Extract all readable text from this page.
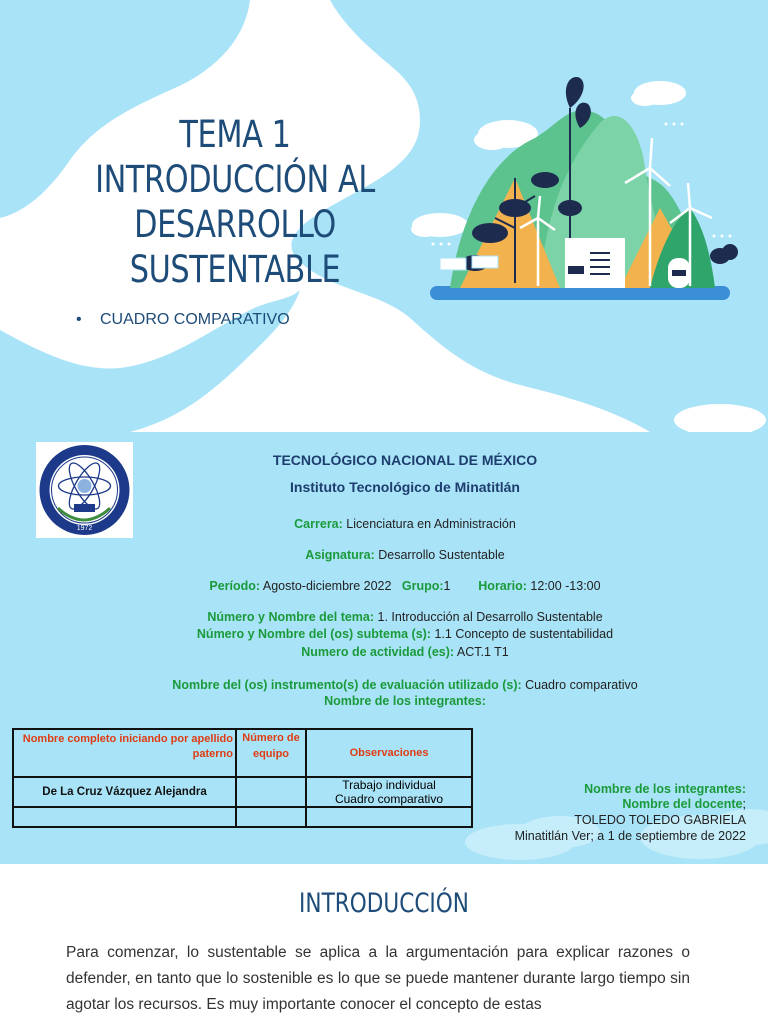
TEMA 1
INTRODUCCIÓN AL DESARROLLO
SUSTENTABLE
• CUADRO COMPARATIVO
1972
TECNOLÓGICO NACIONAL DE MÉXICO
Instituto Tecnológico de Minatitlán
Carrera: Licenciatura en Administración
Asignatura: Desarrollo Sustentable
Período: Agosto-diciembre 2022 Grupo:1 Horario: 12:00 -13:00
Número y Nombre del tema: 1. Introducción al Desarrollo Sustentable
Número y Nombre del (os) subtema (s): 1.1 Concepto de sustentabilidad
Numero de actividad (es): ACT.1 T1
Nombre del (os) instrumento(s) de evaluación utilizado (s): Cuadro comparativo
Nombre de los integrantes:
Nombre completo iniciando por apellido paterno	Número de equipo	Observaciones
De La Cruz Vázquez Alejandra		Trabajo individual
Cuadro comparativo

Nombre de los integrantes:
Nombre del docente;
TOLEDO TOLEDO GABRIELA
Minatitlán Ver; a 1 de septiembre de 2022
INTRODUCCIÓN

Para comenzar, lo sustentable se aplica a la argumentación para explicar razones o defender, en tanto que lo sostenible es lo que se puede mantener durante largo tiempo sin agotar los recursos. Es muy importante conocer el concepto de estas
